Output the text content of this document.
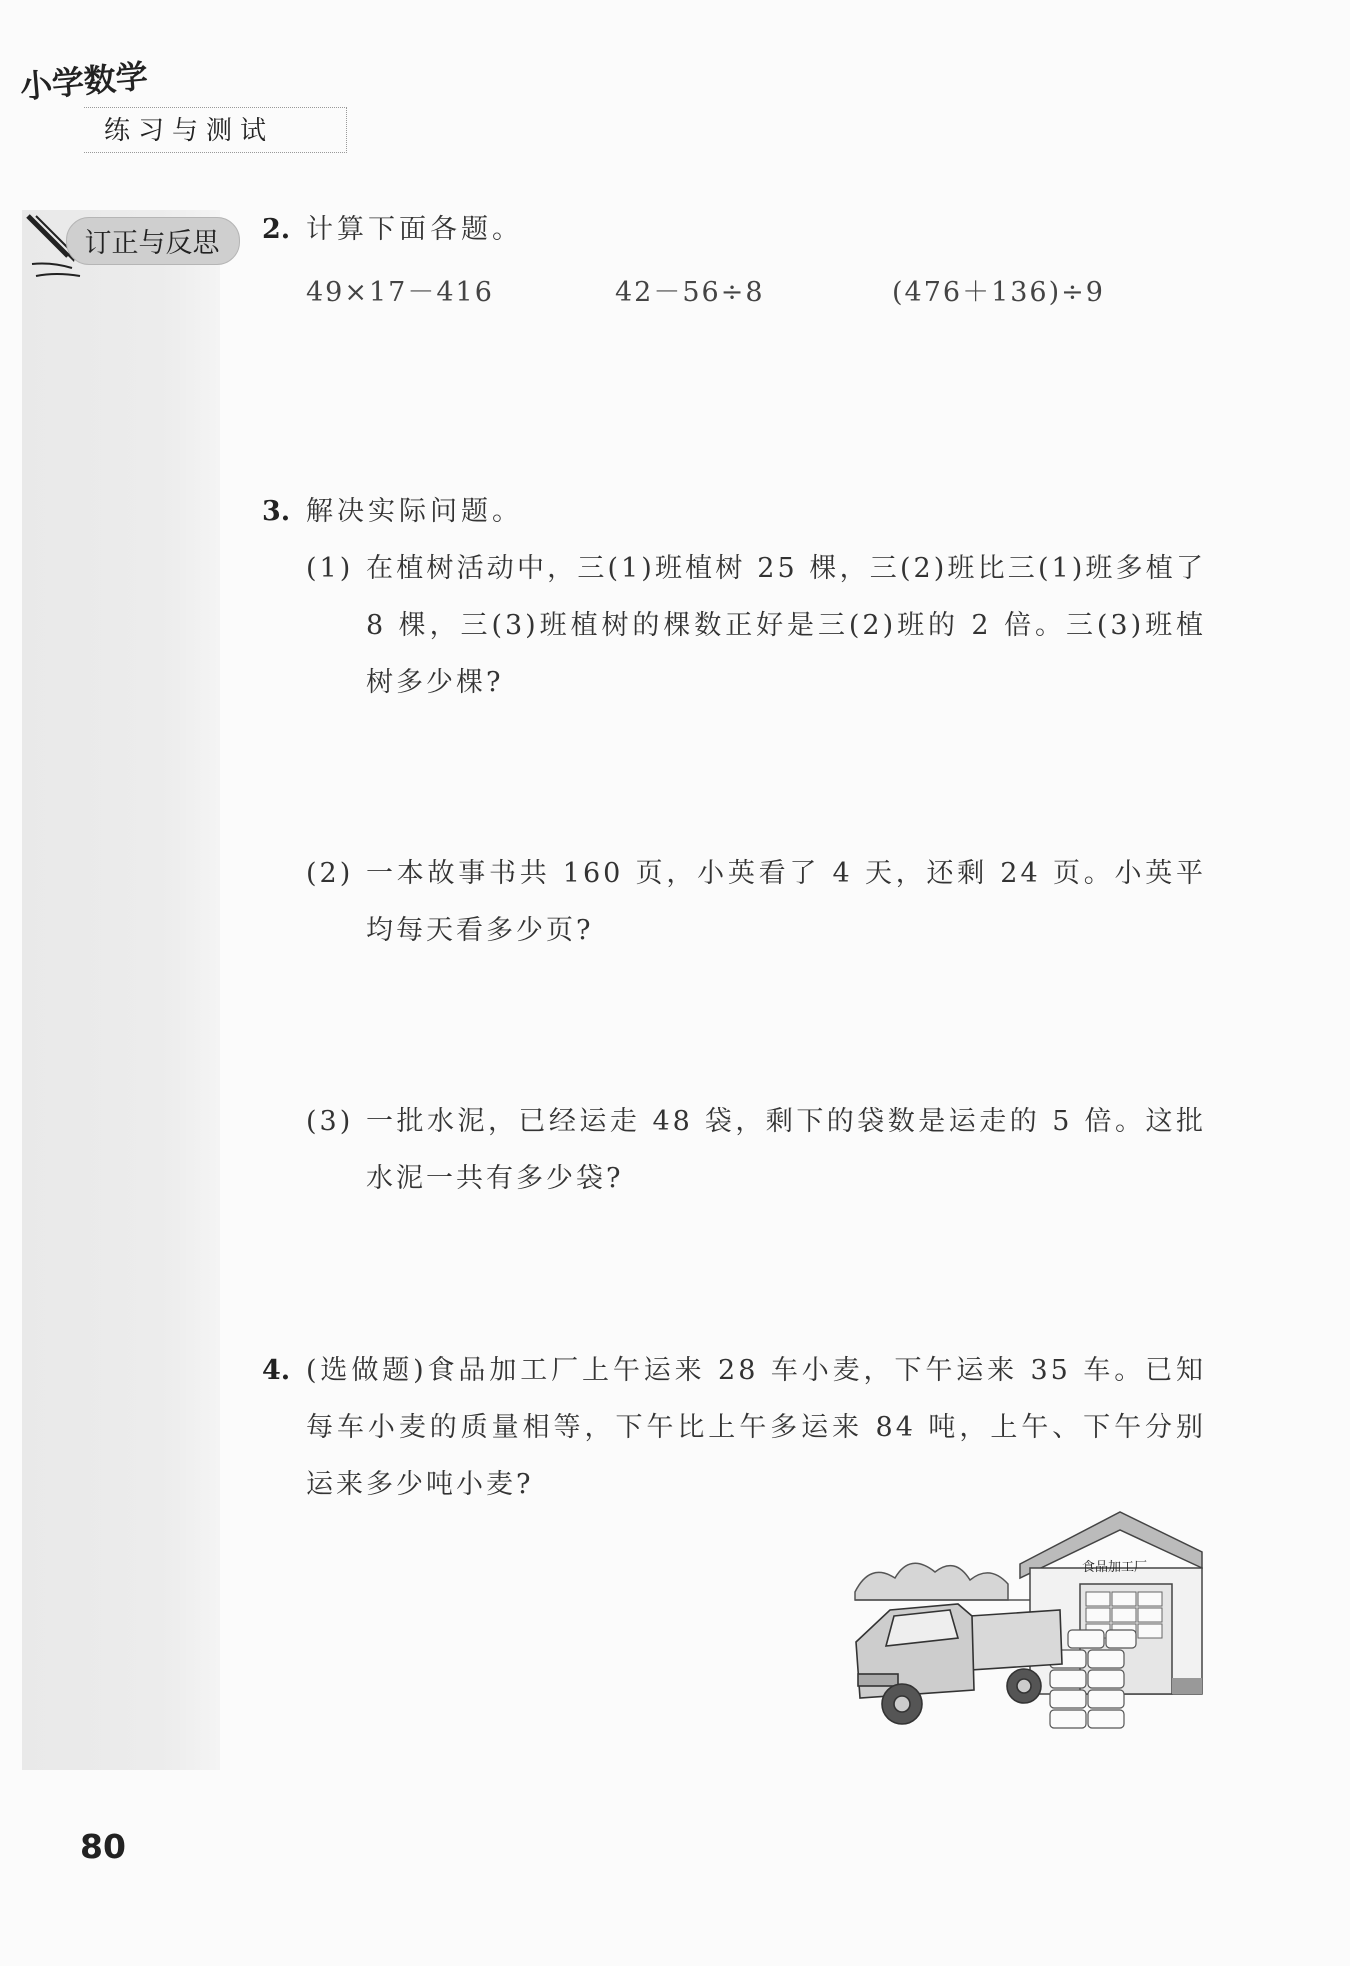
小学数学
练习与测试
订正与反思	2. 计算下面各题。
49×17－416	42－56÷8	(476＋136)÷9
3. 解决实际问题。
(1) 在植树活动中，三(1)班植树 25 棵，三(2)班比三(1)班多植了 8 棵，三(3)班植树的棵数正好是三(2)班的 2 倍。三(3)班植树多少棵?
(2) 一本故事书共 160 页，小英看了 4 天，还剩 24 页。小英平均每天看多少页?
(3) 一批水泥，已经运走 48 袋，剩下的袋数是运走的 5 倍。这批水泥一共有多少袋?
4. (选做题)食品加工厂上午运来 28 车小麦，下午运来 35 车。已知每车小麦的质量相等，下午比上午多运来 84 吨，上午、下午分别运来多少吨小麦?
食品加工厂
80
